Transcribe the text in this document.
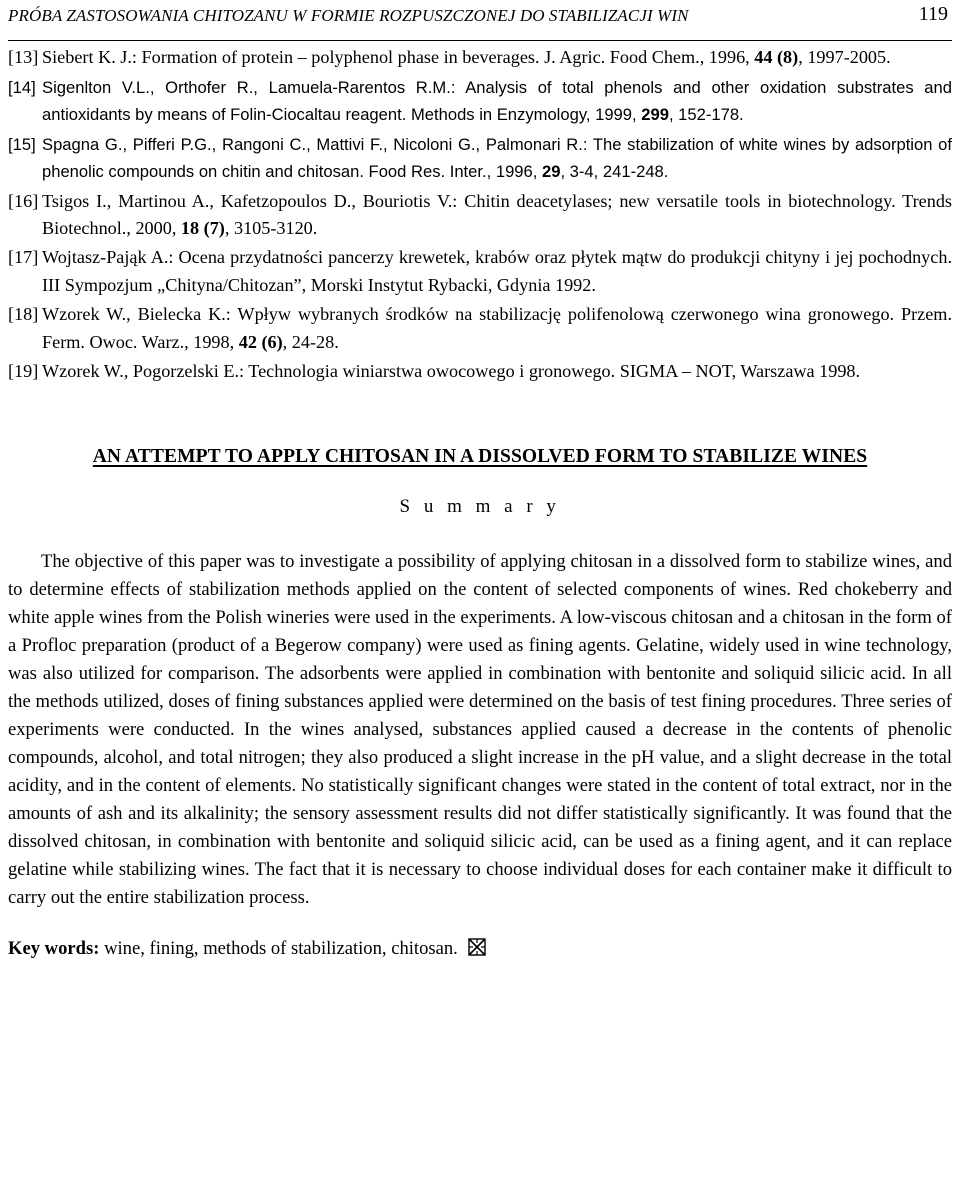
PRÓBA ZASTOSOWANIA CHITOZANU W FORMIE ROZPUSZCZONEJ DO STABILIZACJI WIN	119
[13] Siebert K. J.: Formation of protein – polyphenol phase in beverages. J. Agric. Food Chem., 1996, 44 (8), 1997-2005.
[14] Sigenlton V.L., Orthofer R., Lamuela-Rarentos R.M.: Analysis of total phenols and other oxidation substrates and antioxidants by means of Folin-Ciocaltau reagent. Methods in Enzymology, 1999, 299, 152-178.
[15] Spagna G., Pifferi P.G., Rangoni C., Mattivi F., Nicoloni G., Palmonari R.: The stabilization of white wines by adsorption of phenolic compounds on chitin and chitosan. Food Res. Inter., 1996, 29, 3-4, 241-248.
[16] Tsigos I., Martinou A., Kafetzopoulos D., Bouriotis V.: Chitin deacetylases; new versatile tools in biotechnology. Trends Biotechnol., 2000, 18 (7), 3105-3120.
[17] Wojtasz-Pająk A.: Ocena przydatności pancerzy krewetek, krabów oraz płytek mątw do produkcji chityny i jej pochodnych. III Sympozjum „Chityna/Chitozan”, Morski Instytut Rybacki, Gdynia 1992.
[18] Wzorek W., Bielecka K.: Wpływ wybranych środków na stabilizację polifenolową czerwonego wina gronowego. Przem. Ferm. Owoc. Warz., 1998, 42 (6), 24-28.
[19] Wzorek W., Pogorzelski E.: Technologia winiarstwa owocowego i gronowego. SIGMA – NOT, Warszawa 1998.
AN ATTEMPT TO APPLY CHITOSAN IN A DISSOLVED FORM TO STABILIZE WINES
S u m m a r y
The objective of this paper was to investigate a possibility of applying chitosan in a dissolved form to stabilize wines, and to determine effects of stabilization methods applied on the content of selected components of wines. Red chokeberry and white apple wines from the Polish wineries were used in the experiments. A low-viscous chitosan and a chitosan in the form of a Profloc preparation (product of a Begerow company) were used as fining agents. Gelatine, widely used in wine technology, was also utilized for comparison. The adsorbents were applied in combination with bentonite and soliquid silicic acid. In all the methods utilized, doses of fining substances applied were determined on the basis of test fining procedures. Three series of experiments were conducted. In the wines analysed, substances applied caused a decrease in the contents of phenolic compounds, alcohol, and total nitrogen; they also produced a slight increase in the pH value, and a slight decrease in the total acidity, and in the content of elements. No statistically significant changes were stated in the content of total extract, nor in the amounts of ash and its alkalinity; the sensory assessment results did not differ statistically significantly. It was found that the dissolved chitosan, in combination with bentonite and soliquid silicic acid, can be used as a fining agent, and it can replace gelatine while stabilizing wines. The fact that it is necessary to choose individual doses for each container make it difficult to carry out the entire stabilization process.
Key words: wine, fining, methods of stabilization, chitosan.
